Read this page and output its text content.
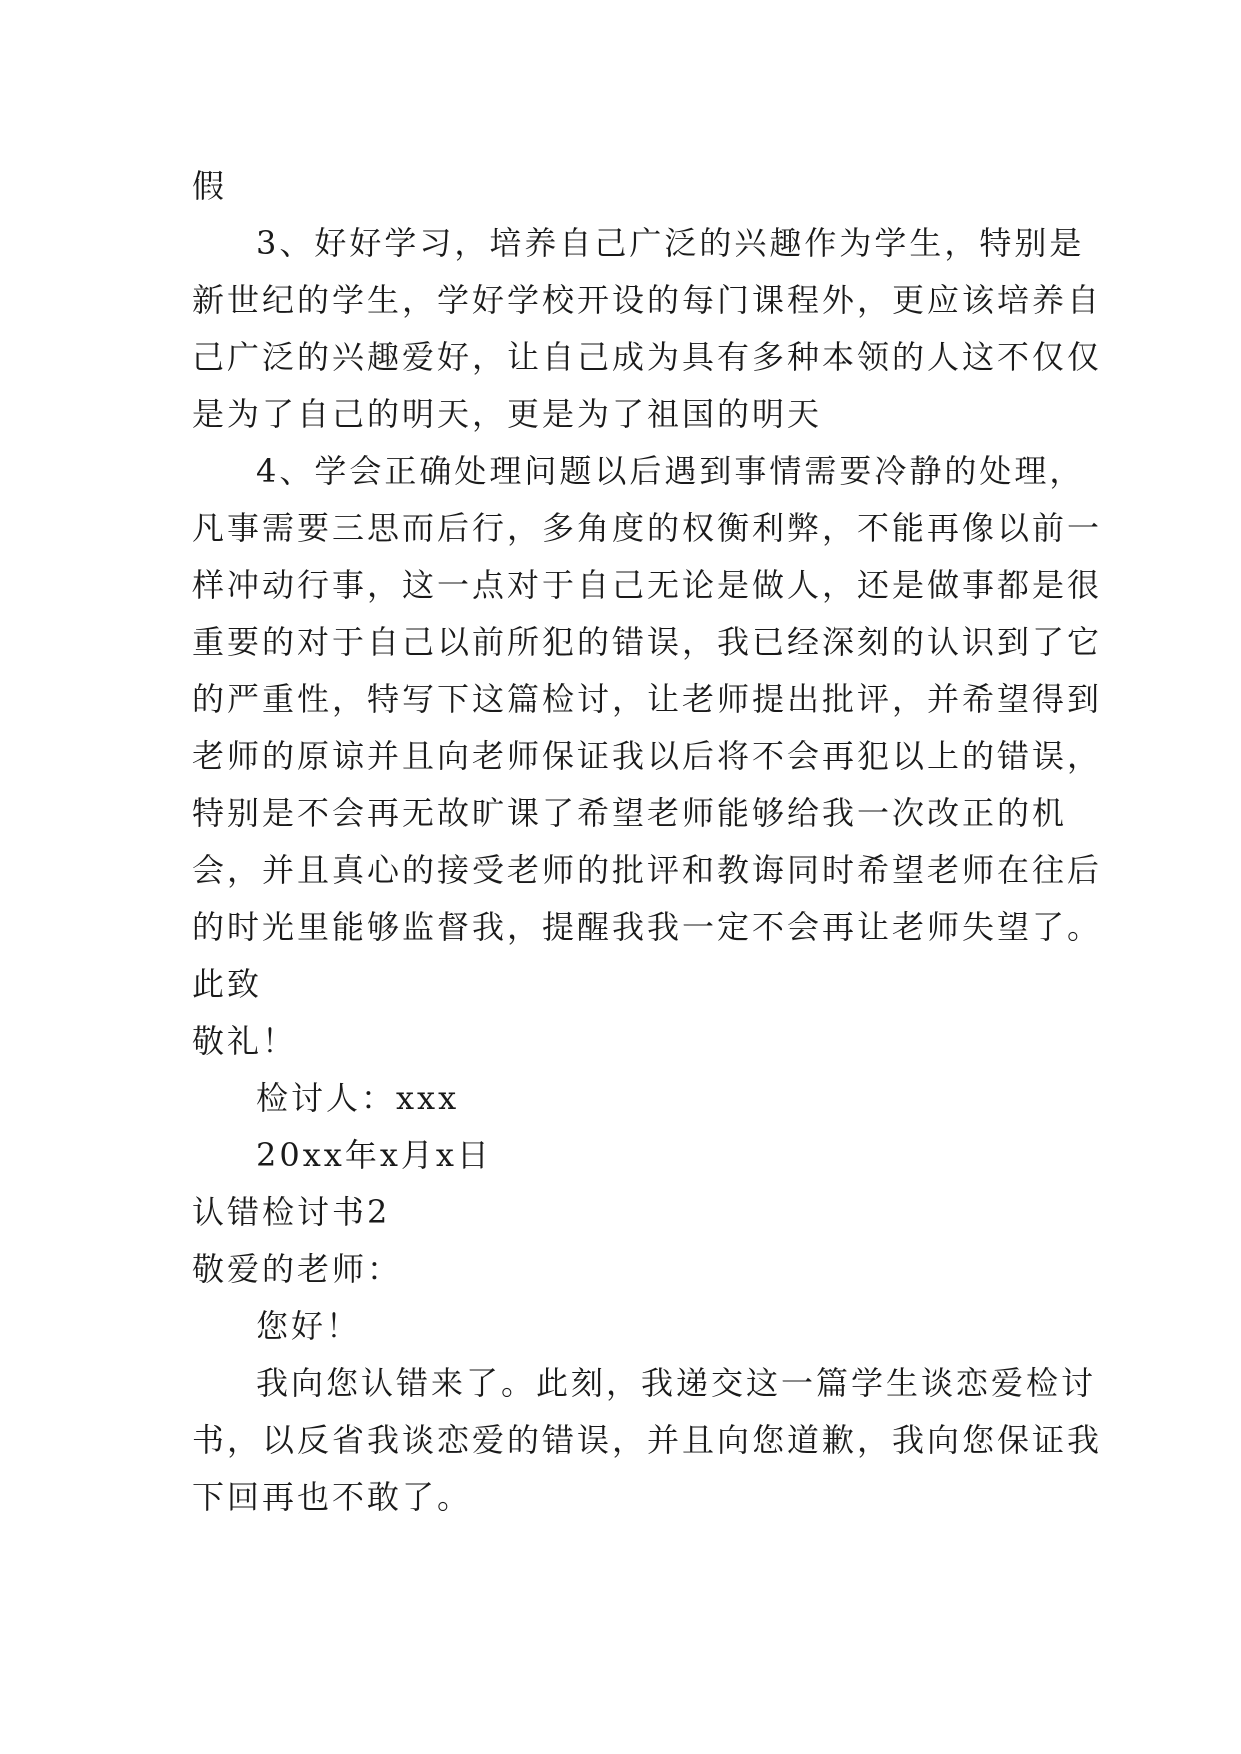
假
3、好好学习，培养自己广泛的兴趣作为学生，特别是
新世纪的学生，学好学校开设的每门课程外，更应该培养自
己广泛的兴趣爱好，让自己成为具有多种本领的人这不仅仅
是为了自己的明天，更是为了祖国的明天
4、学会正确处理问题以后遇到事情需要冷静的处理，
凡事需要三思而后行，多角度的权衡利弊，不能再像以前一
样冲动行事，这一点对于自己无论是做人，还是做事都是很
重要的对于自己以前所犯的错误，我已经深刻的认识到了它
的严重性，特写下这篇检讨，让老师提出批评，并希望得到
老师的原谅并且向老师保证我以后将不会再犯以上的错误，
特别是不会再无故旷课了希望老师能够给我一次改正的机
会，并且真心的接受老师的批评和教诲同时希望老师在往后
的时光里能够监督我，提醒我我一定不会再让老师失望了。
此致
敬礼！
检讨人：xxx
20xx年x月x日
认错检讨书2
敬爱的老师：
您好！
我向您认错来了。此刻，我递交这一篇学生谈恋爱检讨
书，以反省我谈恋爱的错误，并且向您道歉，我向您保证我
下回再也不敢了。
